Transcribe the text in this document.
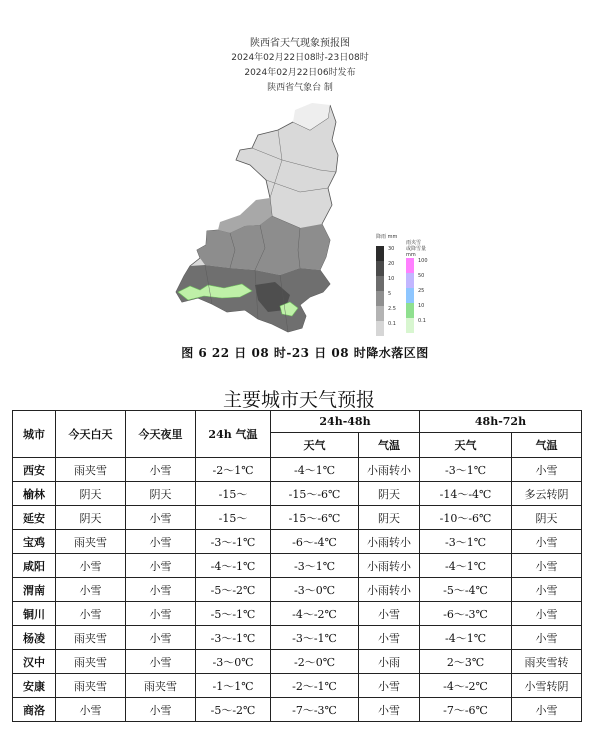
陕西省天气现象预报图
2024年02月22日08时-23日08时
2024年02月22日06时发布
陕西省气象台 制
降雨 mm
30
20
10
5
2.5
0.1
雨夹雪
或降雪量
mm
100
50
25
10
0.1
图 6 22 日 08 时-23 日 08 时降水落区图
主要城市天气预报
城市	今天白天	今天夜里	24h 气温	24h-48h		48h-72h	
				天气	气温	天气	气温
西安	雨夹雪	小雪	-2～1℃	-4～1℃	小雨转小	-3～1℃	小雪
榆林	阴天	阴天	-15～	-15～-6℃	阴天	-14～-4℃	多云转阴
延安	阴天	小雪	-15～	-15～-6℃	阴天	-10～-6℃	阴天
宝鸡	雨夹雪	小雪	-3～-1℃	-6～-4℃	小雨转小	-3～1℃	小雪
咸阳	小雪	小雪	-4～-1℃	-3～1℃	小雨转小	-4～1℃	小雪
渭南	小雪	小雪	-5～-2℃	-3～0℃	小雨转小	-5～-4℃	小雪
铜川	小雪	小雪	-5～-1℃	-4～-2℃	小雪	-6～-3℃	小雪
杨凌	雨夹雪	小雪	-3～-1℃	-3～-1℃	小雪	-4～1℃	小雪
汉中	雨夹雪	小雪	-3～0℃	-2～0℃	小雨	2～3℃	雨夹雪转
安康	雨夹雪	雨夹雪	-1～1℃	-2～-1℃	小雪	-4～-2℃	小雪转阴
商洛	小雪	小雪	-5～-2℃	-7～-3℃	小雪	-7～-6℃	小雪
